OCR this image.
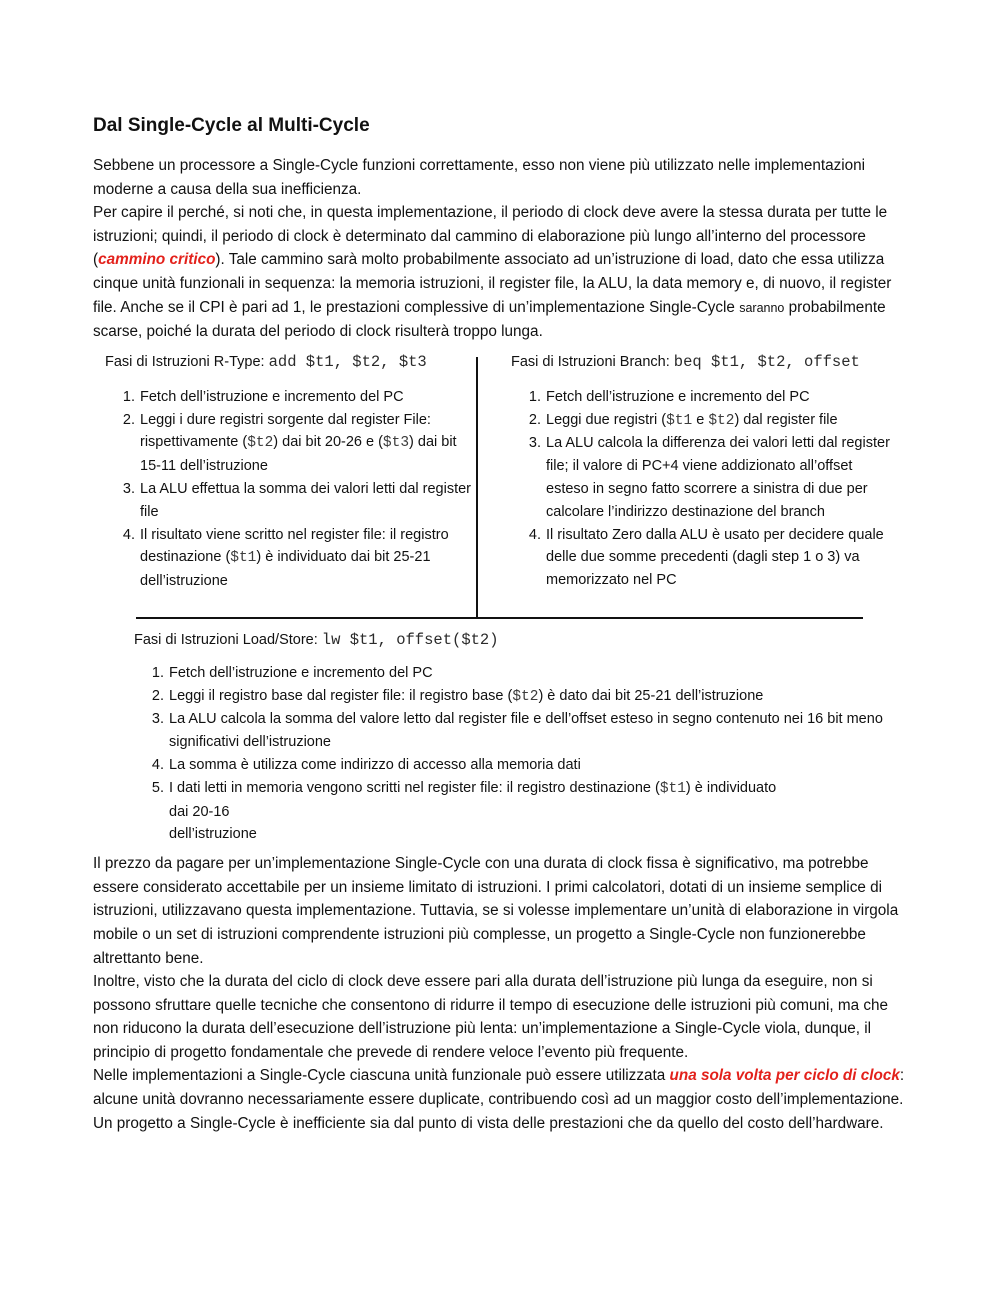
Dal Single-Cycle al Multi-Cycle

Sebbene un processore a Single-Cycle funzioni correttamente, esso non viene più utilizzato nelle implementazioni moderne a causa della sua inefficienza.

Per capire il perché, si noti che, in questa implementazione, il periodo di clock deve avere la stessa durata per tutte le istruzioni; quindi, il periodo di clock è determinato dal cammino di elaborazione più lungo all’interno del processore (cammino critico). Tale cammino sarà molto probabilmente associato ad un’istruzione di load, dato che essa utilizza cinque unità funzionali in sequenza: la memoria istruzioni, il register file, la ALU, la data memory e, di nuovo, il register file. Anche se il CPI è pari ad 1, le prestazioni complessive di un’implementazione Single-Cycle saranno probabilmente scarse, poiché la durata del periodo di clock risulterà troppo lunga.

Fasi di Istruzioni R-Type: add $t1, $t2, $t3
1. Fetch dell’istruzione e incremento del PC
2. Leggi i dure registri sorgente dal register File: rispettivamente ($t2) dai bit 20-26 e ($t3) dai bit 15-11 dell’istruzione
3. La ALU effettua la somma dei valori letti dal register file
4. Il risultato viene scritto nel register file: il registro destinazione ($t1) è individuato dai bit 25-21 dell’istruzione
Fasi di Istruzioni Branch: beq $t1, $t2, offset
1. Fetch dell’istruzione e incremento del PC
2. Leggi due registri ($t1 e $t2) dal register file
3. La ALU calcola la differenza dei valori letti dal register file; il valore di PC+4 viene addizionato all’offset esteso in segno fatto scorrere a sinistra di due per calcolare l’indirizzo destinazione del branch
4. Il risultato Zero dalla ALU è usato per decidere quale delle due somme precedenti (dagli step 1 o 3) va memorizzato nel PC
Fasi di Istruzioni Load/Store: lw $t1, offset($t2)
1. Fetch dell’istruzione e incremento del PC
2. Leggi il registro base dal register file: il registro base ($t2) è dato dai bit 25-21 dell’istruzione
3. La ALU calcola la somma del valore letto dal register file e dell’offset esteso in segno contenuto nei 16 bit meno significativi dell’istruzione
4. La somma è utilizza come indirizzo di accesso alla memoria dati
5. I dati letti in memoria vengono scritti nel register file: il registro destinazione ($t1) è individuato
dai 20-16
dell’istruzione

Il prezzo da pagare per un’implementazione Single-Cycle con una durata di clock fissa è significativo, ma potrebbe essere considerato accettabile per un insieme limitato di istruzioni. I primi calcolatori, dotati di un insieme semplice di istruzioni, utilizzavano questa implementazione. Tuttavia, se si volesse implementare un’unità di elaborazione in virgola mobile o un set di istruzioni comprendente istruzioni più complesse, un progetto a Single-Cycle non funzionerebbe altrettanto bene.

Inoltre, visto che la durata del ciclo di clock deve essere pari alla durata dell’istruzione più lunga da eseguire, non si possono sfruttare quelle tecniche che consentono di ridurre il tempo di esecuzione delle istruzioni più comuni, ma che non riducono la durata dell’esecuzione dell’istruzione più lenta: un’implementazione a Single-Cycle viola, dunque, il principio di progetto fondamentale che prevede di rendere veloce l’evento più frequente.

Nelle implementazioni a Single-Cycle ciascuna unità funzionale può essere utilizzata una sola volta per ciclo di clock: alcune unità dovranno necessariamente essere duplicate, contribuendo così ad un maggior costo dell’implementazione. Un progetto a Single-Cycle è inefficiente sia dal punto di vista delle prestazioni che da quello del costo dell’hardware.
